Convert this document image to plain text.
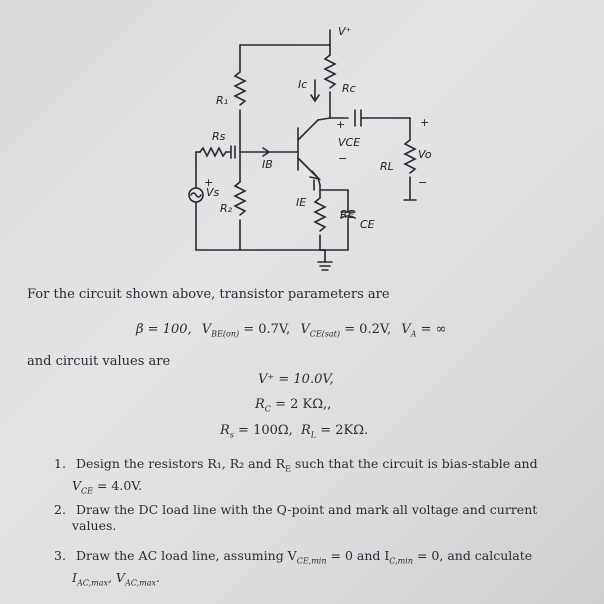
V⁺
R₁
Rs
Rc
Ic
+
VCE
−
RL
+
Vo
−
IB
IE
RE
CE
R₂
Vs
+
For the circuit shown above, transistor parameters are
β = 100, $V_{BE(on)} = 0.7V$, $V_{CE(sat)} = 0.2V$, $V_A$ = ∞
and circuit values are
V⁺ = 10.0V,
$R_C = 2$ KΩ,,
$R_s = 100\Omega$, $R_L = 2K\Omega$.
1. Design the resistors R₁, R₂ and $R_E$ such that the circuit is bias-stable and
$V_{CE} = 4.0V$.
2. Draw the DC load line with the Q-point and mark all voltage and current
values.
3. Draw the AC load line, assuming $V_{CE,min} = 0$ and $I_{C,min} = 0$, and calculate
$I_{AC,max}$, $V_{AC,max}$.
